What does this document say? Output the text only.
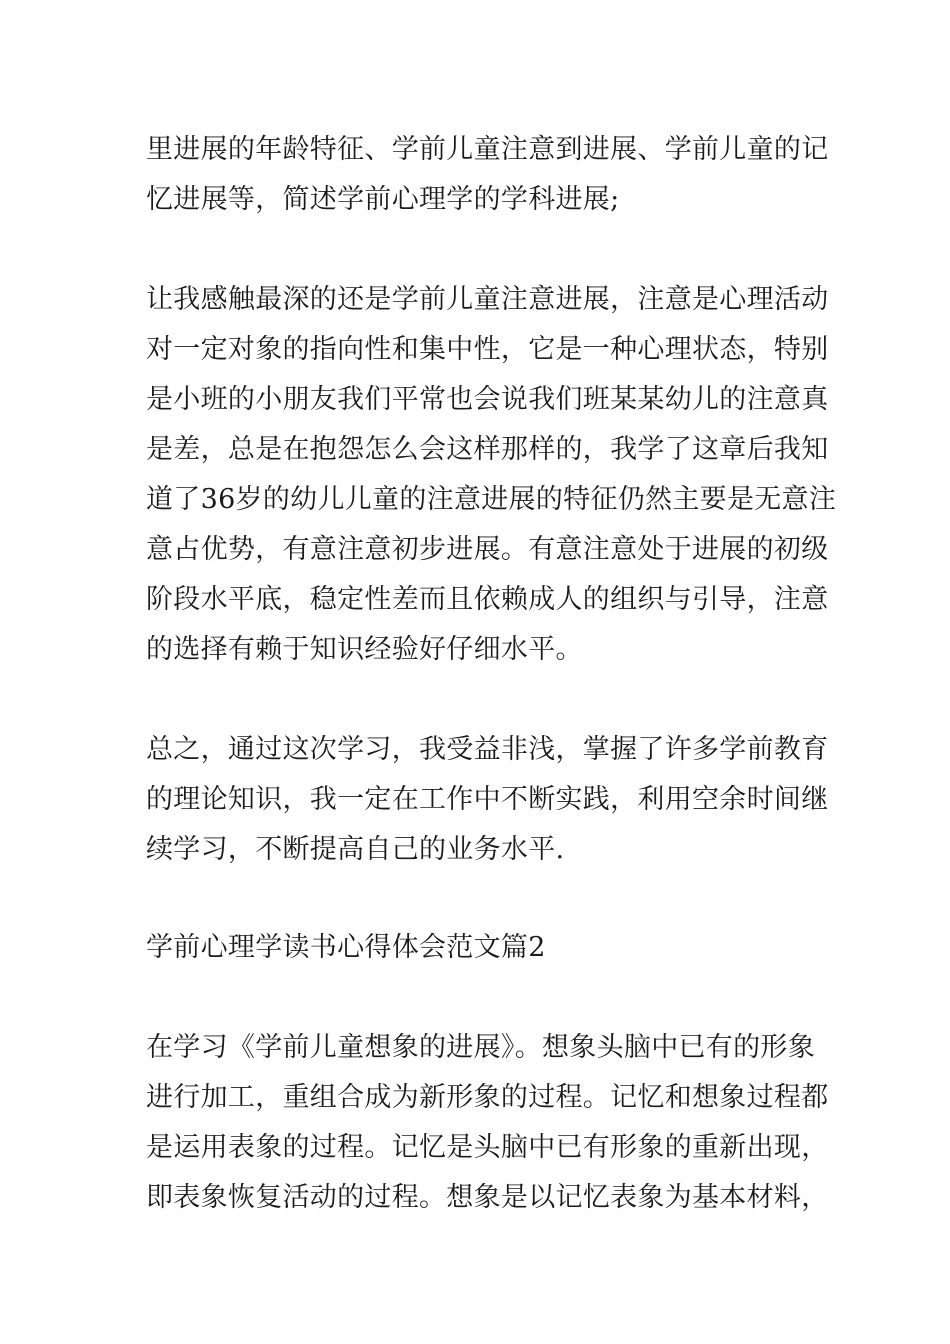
里进展的年龄特征、学前儿童注意到进展、学前儿童的记

忆进展等，简述学前心理学的学科进展;

让我感触最深的还是学前儿童注意进展，注意是心理活动

对一定对象的指向性和集中性，它是一种心理状态，特别

是小班的小朋友我们平常也会说我们班某某幼儿的注意真

是差，总是在抱怨怎么会这样那样的，我学了这章后我知

道了36岁的幼儿儿童的注意进展的特征仍然主要是无意注

意占优势，有意注意初步进展。有意注意处于进展的初级

阶段水平底，稳定性差而且依赖成人的组织与引导，注意

的选择有赖于知识经验好仔细水平。

总之，通过这次学习，我受益非浅，掌握了许多学前教育

的理论知识，我一定在工作中不断实践，利用空余时间继

续学习，不断提高自己的业务水平.

学前心理学读书心得体会范文篇2

在学习《学前儿童想象的进展》。想象头脑中已有的形象

进行加工，重组合成为新形象的过程。记忆和想象过程都

是运用表象的过程。记忆是头脑中已有形象的重新出现，

即表象恢复活动的过程。想象是以记忆表象为基本材料，
